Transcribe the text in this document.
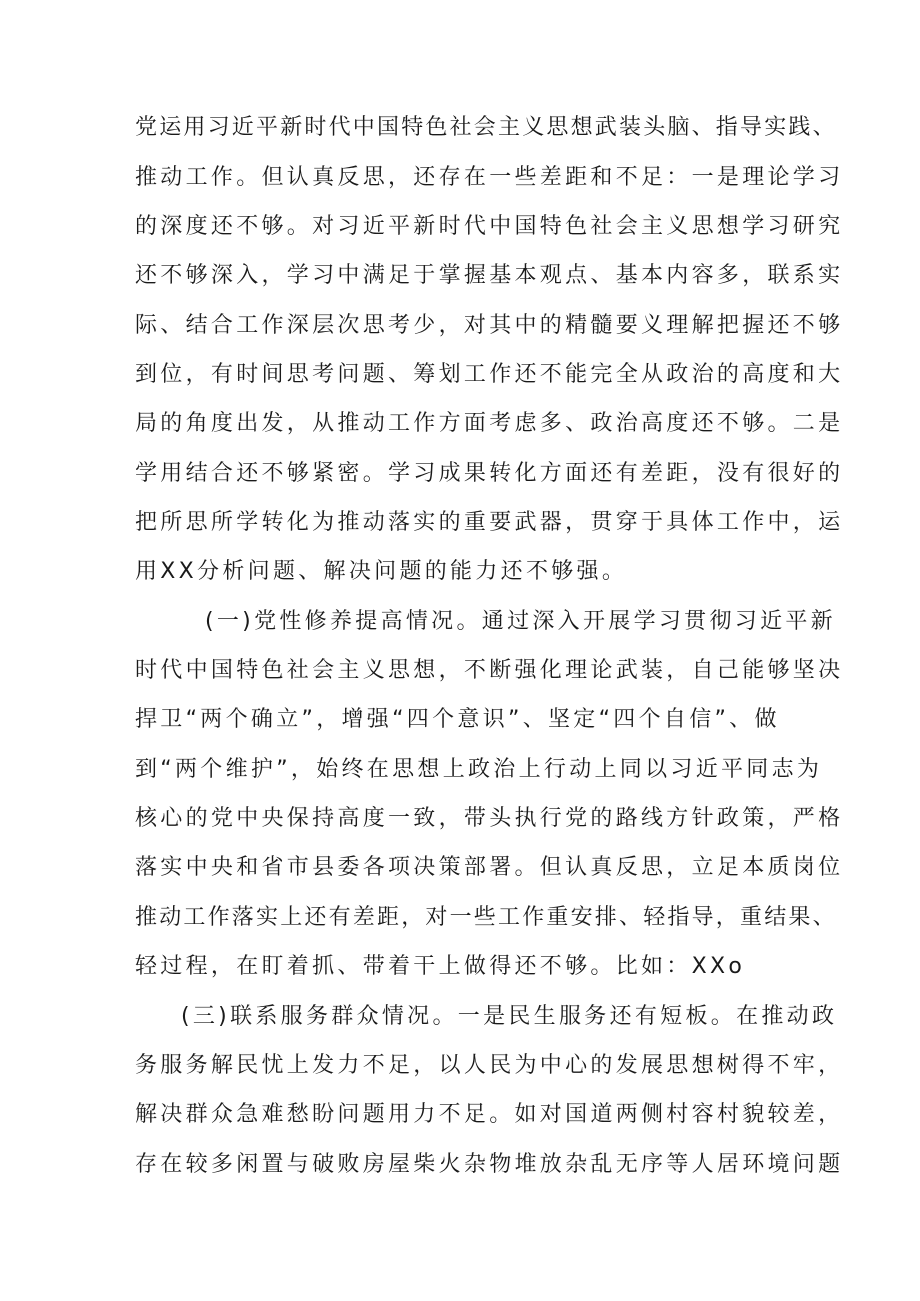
党运用习近平新时代中国特色社会主义思想武装头脑、指导实践、
推动工作。但认真反思，还存在一些差距和不足：一是理论学习
的深度还不够。对习近平新时代中国特色社会主义思想学习研究
还不够深入，学习中满足于掌握基本观点、基本内容多，联系实
际、结合工作深层次思考少，对其中的精髓要义理解把握还不够
到位，有时间思考问题、筹划工作还不能完全从政治的高度和大
局的角度出发，从推动工作方面考虑多、政治高度还不够。二是
学用结合还不够紧密。学习成果转化方面还有差距，没有很好的
把所思所学转化为推动落实的重要武器，贯穿于具体工作中，运
用XX分析问题、解决问题的能力还不够强。
(一)党性修养提高情况。通过深入开展学习贯彻习近平新
时代中国特色社会主义思想，不断强化理论武装，自己能够坚决
捍卫“两个确立”，增强“四个意识”、坚定“四个自信”、做
到“两个维护”，始终在思想上政治上行动上同以习近平同志为
核心的党中央保持高度一致，带头执行党的路线方针政策，严格
落实中央和省市县委各项决策部署。但认真反思，立足本质岗位
推动工作落实上还有差距，对一些工作重安排、轻指导，重结果、
轻过程，在盯着抓、带着干上做得还不够。比如：XXo
(三)联系服务群众情况。一是民生服务还有短板。在推动政
务服务解民忧上发力不足，以人民为中心的发展思想树得不牢，
解决群众急难愁盼问题用力不足。如对国道两侧村容村貌较差，
存在较多闲置与破败房屋柴火杂物堆放杂乱无序等人居环境问题
